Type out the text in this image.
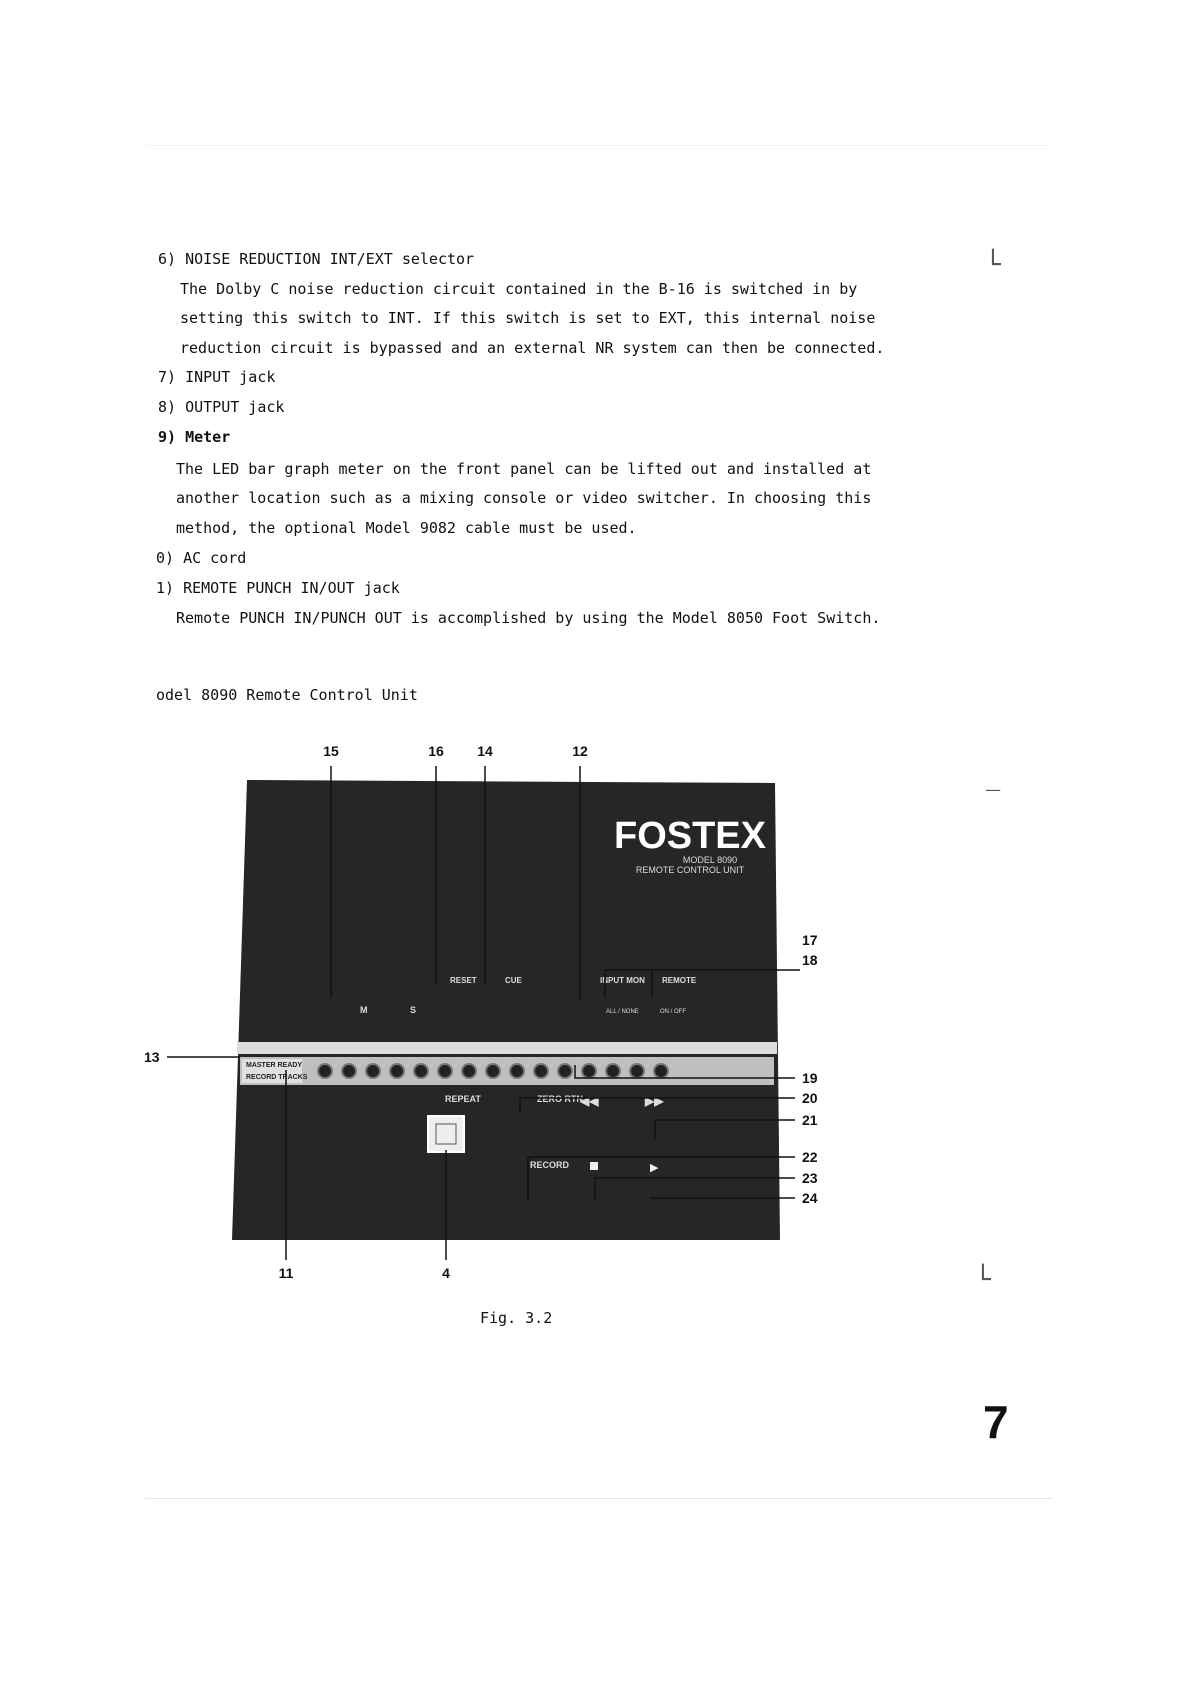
6) NOISE REDUCTION INT/EXT selector

The Dolby C noise reduction circuit contained in the B-16 is switched in by

setting this switch to INT. If this switch is set to EXT, this internal noise

reduction circuit is bypassed and an external NR system can then be connected.

7) INPUT jack

8) OUTPUT jack

9) Meter

The LED bar graph meter on the front panel can be lifted out and installed at

another location such as a mixing console or video switcher. In choosing this

method, the optional Model 9082 cable must be used.

0) AC cord

1) REMOTE PUNCH IN/OUT jack

Remote PUNCH IN/PUNCH OUT is accomplished by using the Model 8050 Foot Switch.

odel 8090 Remote Control Unit

FOSTEX
MODEL 8090
REMOTE CONTROL UNIT
M	S
RESET	CUE	INPUT MON REMOTE
ALL / NONE	ON / OFF
MASTER READY
RECORD TRACKS
REPEAT	ZERO RTN
RECORD
◀◀	▶▶
▶
15	16 14	12
17
18
13
19
20
21
22
23
24
11	4

Fig. 3.2

└
—
└
7
